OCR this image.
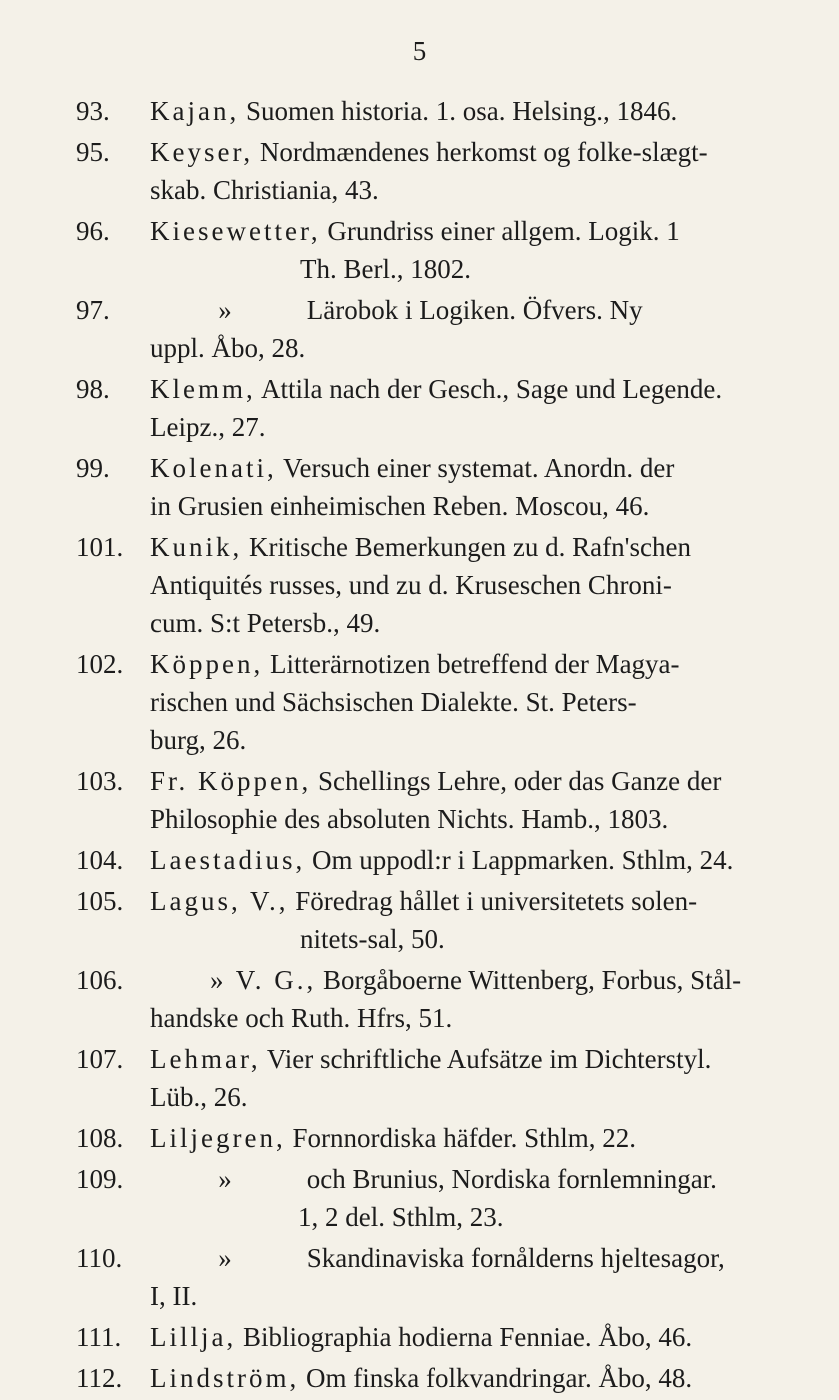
5
93.	Kajan, Suomen historia. 1. osa. Helsing., 1846.
95.	Keyser, Nordmændenes herkomst og folke-slægt-
skab. Christiania, 43.
96.	Kiesewetter, Grundriss einer allgem. Logik. 1
Th. Berl., 1802.
97.	»	Lärobok i Logiken. Öfvers. Ny
uppl. Åbo, 28.
98.	Klemm, Attila nach der Gesch., Sage und Legende.
Leipz., 27.
99.	Kolenati, Versuch einer systemat. Anordn. der
in Grusien einheimischen Reben. Moscou, 46.
101. Kunik, Kritische Bemerkungen zu d. Rafn'schen
Antiquités russes, und zu d. Kruseschen Chroni-
cum. S:t Petersb., 49.
102. Köppen, Litterärnotizen betreffend der Magya-
rischen und Sächsischen Dialekte. St. Peters-
burg, 26.
103. Fr. Köppen, Schellings Lehre, oder das Ganze der
Philosophie des absoluten Nichts. Hamb., 1803.
104. Laestadius, Om uppodl:r i Lappmarken. Sthlm, 24.
105. Lagus, V., Föredrag hållet i universitetets solen-
nitets-sal, 50.
106.	» V. G., Borgåboerne Wittenberg, Forbus, Stål-
handske och Ruth. Hfrs, 51.
107. Lehmar, Vier schriftliche Aufsätze im Dichterstyl.
Lüb., 26.
108. Liljegren, Fornnordiska häfder. Sthlm, 22.
109.	»	och Brunius, Nordiska fornlemningar.
1, 2 del. Sthlm, 23.
110.	»	Skandinaviska fornålderns hjeltesagor,
I, II.
111.	Lillja, Bibliographia hodierna Fenniae. Åbo, 46.
112.	Lindström, Om finska folkvandringar. Åbo, 48.
